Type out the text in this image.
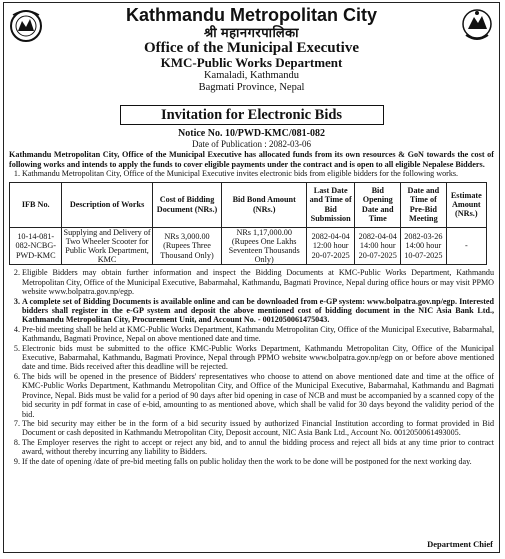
Kathmandu Metropolitan City
श्री महानगरपालिका
Office of the Municipal Executive
KMC-Public Works Department
Kamaladi, Kathmandu
Bagmati Province, Nepal
Invitation for Electronic Bids
Notice No. 10/PWD-KMC/081-082
Date of Publication : 2082-03-06
Kathmandu Metropolitan City, Office of the Municipal Executive has allocated funds from its own resources & GoN towards the cost of following works and intends to apply the funds to cover eligible payments under the contract and is open to all eligible Nepalese Bidders.
1. Kathmandu Metropolitan City, Office of the Municipal Executive invites electronic bids from eligible bidders for the following works.
IFB No.	Description of Works	Cost of Bidding Document (NRs.)	Bid Bond Amount (NRs.)	Last Date and Time of Bid Submission	Bid Opening Date and Time	Date and Time of Pre-Bid Meeting	Estimate Amount (NRs.)
10-14-081-082-NCBG-PWD-KMC	Supplying and Delivery of Two Wheeler Scooter for Public Work Department, KMC	NRs 3,000.00 (Rupees Three Thousand Only)	NRs 1,17,000.00 (Rupees One Lakhs Seventeen Thousands Only)	2082-04-04 12:00 hour 20-07-2025	2082-04-04 14:00 hour 20-07-2025	2082-03-26 14:00 hour 10-07-2025	-
2. Eligible Bidders may obtain further information and inspect the Bidding Documents at KMC-Public Works Department, Kathmandu Metropolitan City, Office of the Municipal Executive, Babarmahal, Kathmandu, Bagmati Province, Nepal during office hours or may visit PPMO website www.bolpatra.gov.np/egp.
3. A complete set of Bidding Documents is available online and can be downloaded from e-GP system: www.bolpatra.gov.np/egp. Interested bidders shall register in the e-GP system and deposit the above mentioned cost of bidding document in the NIC Asia Bank Ltd., Kathmandu Metropolitan City, Procurement Unit, and Account No. - 0012050061475043.
4. Pre-bid meeting shall be held at KMC-Public Works Department, Kathmandu Metropolitan City, Office of the Municipal Executive, Babarmahal, Kathmandu, Bagmati Province, Nepal on above mentioned date and time.
5. Electronic bids must be submitted to the office KMC-Public Works Department, Kathmandu Metropolitan City, Office of the Municipal Executive, Babarmahal, Kathmandu, Bagmati Province, Nepal through PPMO website www.bolpatra.gov.np/egp on or before above mentioned date and time. Bids received after this deadline will be rejected.
6. The bids will be opened in the presence of Bidders' representatives who choose to attend on above mentioned date and time at the office of KMC-Public Works Department, Kathmandu Metropolitan City, and Office of the Municipal Executive, Babarmahal, Kathmandu and Bagmati Province, Nepal. Bids must be valid for a period of 90 days after bid opening in case of NCB and must be accompanied by a scanned copy of the bid security in pdf format in case of e-bid, amounting to as mentioned above, which shall be valid for 30 days beyond the validity period of the bid.
7. The bid security may either be in the form of a bid security issued by authorized Financial Institution according to format provided in Bid Document or cash deposited in Kathmandu Metropolitan City, Deposit account, NIC Asia Bank Ltd., Account No. 0012050061493005.
8. The Employer reserves the right to accept or reject any bid, and to annul the bidding process and reject all bids at any time prior to contract award, without thereby incurring any liability to Bidders.
9. If the date of opening /date of pre-bid meeting falls on public holiday then the work to be done will be postponed for the next working day.
Department Chief
